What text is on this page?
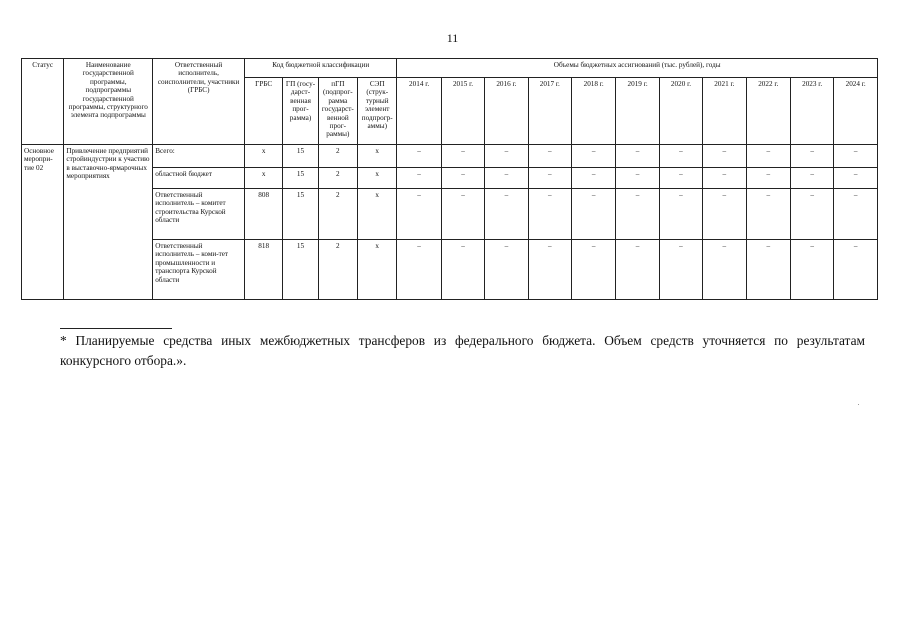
11
Статус	Наименование государственной программы, подпрограммы государственной программы, структурного элемента подпрограммы	Ответственный исполнитель, соисполнители, участники (ГРБС)	Код бюджетной классификации				Объемы бюджетных ассигнований (тыс. рублей), годы										
			ГРБС	ГП (госу-дарст-венная прог-рамма)	пГП (подпрог-рамма государст-венной прог-раммы)	СЭП (струк-турный элемент подпрогр-аммы)	2014 г.	2015 г.	2016 г.	2017 г.	2018 г.	2019 г.	2020 г.	2021 г.	2022 г.	2023 г.	2024 г.
Основное меропри-тие 02	Привлечение предприятий стройиндустрии к участию в выставочно-ярмарочных мероприятиях	Всего:	х	15	2	х	–	–	–	–	–	–	–	–	–	–	–
		областной бюджет	х	15	2	х	–	–	–	–	–	–	–	–	–	–	–
		Ответственный исполнитель – комитет строительства Курской области	808	15	2	х	–	–	–	–	–	–	–	–	–	–	–
		Ответственный исполнитель – коми-тет промышленности и транспорта Курской области	818	15	2	х	–	–	–	–	–	–	–	–	–	–	–
* Планируемые средства иных межбюджетных трансферов из федерального бюджета. Объем средств уточняется по результатам конкурсного отбора.».
